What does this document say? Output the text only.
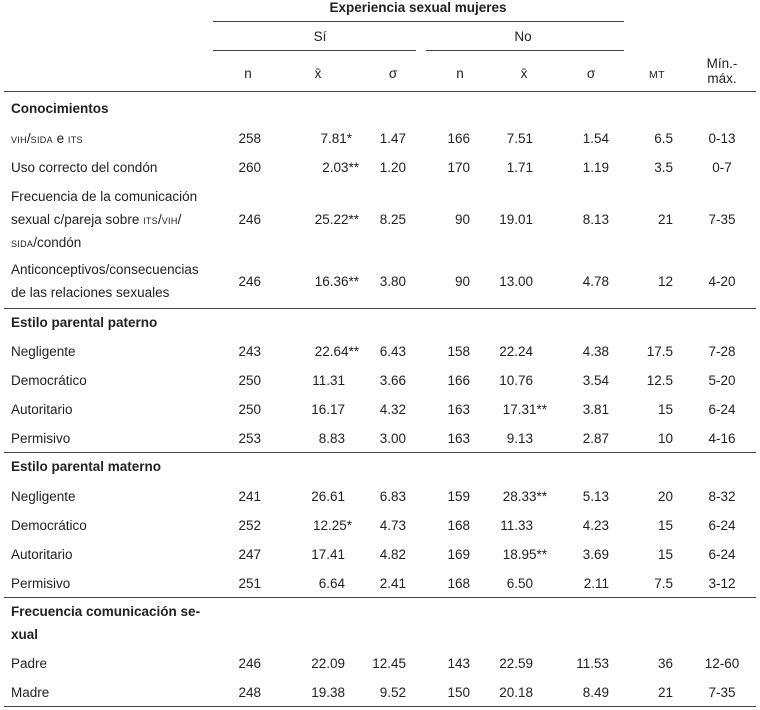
Experiencia sexual mujeres
Sí	No
n	x̄	σ	n	x̄	σ	MT
Mín.-
máx.
Conocimientos
vih/sida e its	258	7.81* 1.47	166	7.51	1.54	6.5	0-13
Uso correcto del condón	260	2.03** 1.20	170	1.71	1.19	3.5	0-7
Frecuencia de la comunicación
sexual c/pareja sobre its/vih/
sida/condón
246	25.22** 8.25	90 19.01	8.13	21	7-35
Anticonceptivos/consecuencias
de las relaciones sexuales
246	16.36** 3.80	90 13.00	4.78	12	4-20
Estilo parental paterno
Negligente	243	22.64** 6.43	158 22.24	4.38	17.5	7-28
Democrático	250	11.31	3.66	166 10.76	3.54	12.5	5-20
Autoritario	250	16.17	4.32	163 17.31**	3.81	15	6-24
Permisivo	253	8.83	3.00	163	9.13	2.87	10	4-16
Estilo parental materno
Negligente	241	26.61	6.83	159 28.33**	5.13	20	8-32
Democrático	252	12.25* 4.73	168 11.33	4.23	15	6-24
Autoritario	247	17.41	4.82	169 18.95**	3.69	15	6-24
Permisivo	251	6.64	2.41	168	6.50	2.11	7.5	3-12
Frecuencia comunicación se-
xual
Padre	246	22.09 12.45	143 22.59	11.53	36 12-60
Madre	248	19.38	9.52	150 20.18	8.49	21	7-35
